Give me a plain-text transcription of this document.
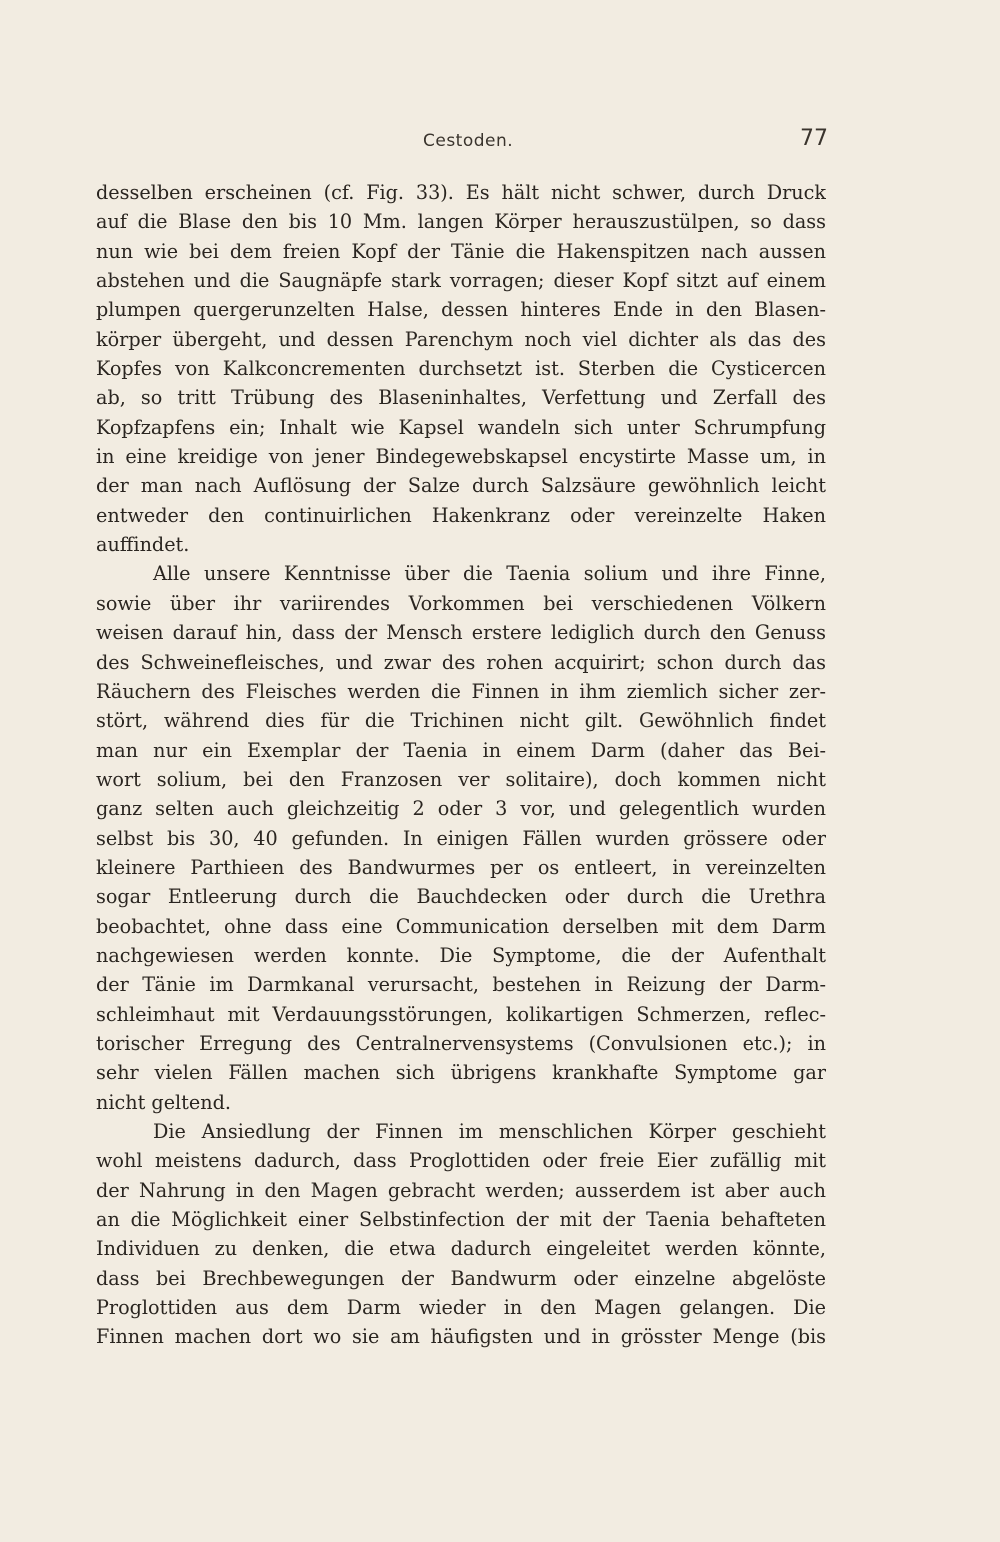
Cestoden.	77
desselben erscheinen (cf. Fig. 33). Es hält nicht schwer, durch Druck
auf die Blase den bis 10 Mm. langen Körper herauszustülpen, so dass
nun wie bei dem freien Kopf der Tänie die Hakenspitzen nach aussen
abstehen und die Saugnäpfe stark vorragen; dieser Kopf sitzt auf einem
plumpen quergerunzelten Halse, dessen hinteres Ende in den Blasen-
körper übergeht, und dessen Parenchym noch viel dichter als das des
Kopfes von Kalkconcrementen durchsetzt ist. Sterben die Cysticercen
ab, so tritt Trübung des Blaseninhaltes, Verfettung und Zerfall des
Kopfzapfens ein; Inhalt wie Kapsel wandeln sich unter Schrumpfung
in eine kreidige von jener Bindegewebskapsel encystirte Masse um, in
der man nach Auflösung der Salze durch Salzsäure gewöhnlich leicht
entweder den continuirlichen Hakenkranz oder vereinzelte Haken
auffindet.
Alle unsere Kenntnisse über die Taenia solium und ihre Finne,
sowie über ihr variirendes Vorkommen bei verschiedenen Völkern
weisen darauf hin, dass der Mensch erstere lediglich durch den Genuss
des Schweinefleisches, und zwar des rohen acquirirt; schon durch das
Räuchern des Fleisches werden die Finnen in ihm ziemlich sicher zer-
stört, während dies für die Trichinen nicht gilt. Gewöhnlich findet
man nur ein Exemplar der Taenia in einem Darm (daher das Bei-
wort solium, bei den Franzosen ver solitaire), doch kommen nicht
ganz selten auch gleichzeitig 2 oder 3 vor, und gelegentlich wurden
selbst bis 30, 40 gefunden. In einigen Fällen wurden grössere oder
kleinere Parthieen des Bandwurmes per os entleert, in vereinzelten
sogar Entleerung durch die Bauchdecken oder durch die Urethra
beobachtet, ohne dass eine Communication derselben mit dem Darm
nachgewiesen werden konnte. Die Symptome, die der Aufenthalt
der Tänie im Darmkanal verursacht, bestehen in Reizung der Darm-
schleimhaut mit Verdauungsstörungen, kolikartigen Schmerzen, reflec-
torischer Erregung des Centralnervensystems (Convulsionen etc.); in
sehr vielen Fällen machen sich übrigens krankhafte Symptome gar
nicht geltend.
Die Ansiedlung der Finnen im menschlichen Körper geschieht
wohl meistens dadurch, dass Proglottiden oder freie Eier zufällig mit
der Nahrung in den Magen gebracht werden; ausserdem ist aber auch
an die Möglichkeit einer Selbstinfection der mit der Taenia behafteten
Individuen zu denken, die etwa dadurch eingeleitet werden könnte,
dass bei Brechbewegungen der Bandwurm oder einzelne abgelöste
Proglottiden aus dem Darm wieder in den Magen gelangen. Die
Finnen machen dort wo sie am häufigsten und in grösster Menge (bis
